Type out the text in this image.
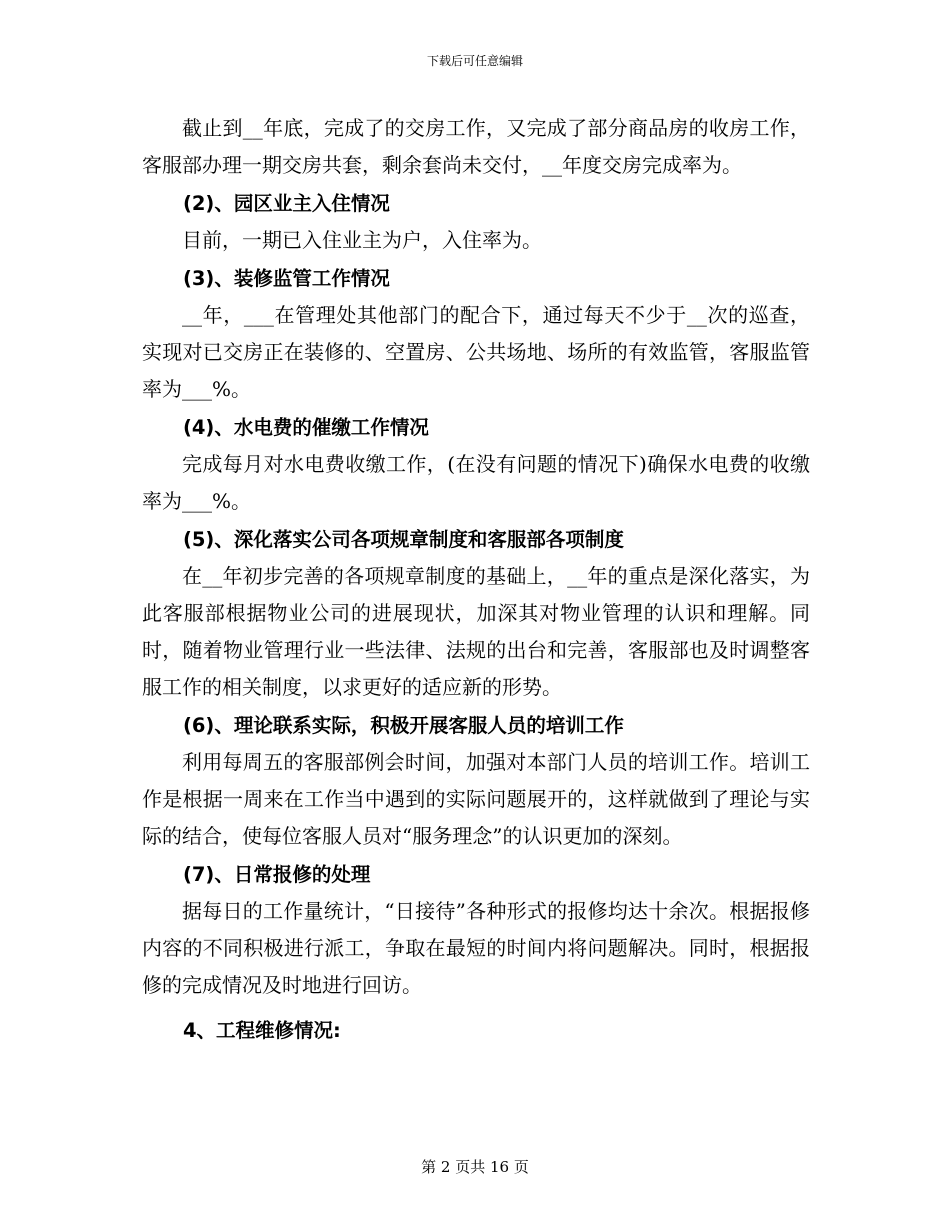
下载后可任意编辑

截止到__年底，完成了的交房工作，又完成了部分商品房的收房工作，客服部办理一期交房共套，剩余套尚未交付，__年度交房完成率为。

(2)、园区业主入住情况

目前，一期已入住业主为户，入住率为。

(3)、装修监管工作情况

__年，___在管理处其他部门的配合下，通过每天不少于__次的巡查，实现对已交房正在装修的、空置房、公共场地、场所的有效监管，客服监管率为___%。

(4)、水电费的催缴工作情况

完成每月对水电费收缴工作，(在没有问题的情况下)确保水电费的收缴率为___%。

(5)、深化落实公司各项规章制度和客服部各项制度

在__年初步完善的各项规章制度的基础上，__年的重点是深化落实，为此客服部根据物业公司的进展现状，加深其对物业管理的认识和理解。同时，随着物业管理行业一些法律、法规的出台和完善，客服部也及时调整客服工作的相关制度，以求更好的适应新的形势。

(6)、理论联系实际，积极开展客服人员的培训工作

利用每周五的客服部例会时间，加强对本部门人员的培训工作。培训工作是根据一周来在工作当中遇到的实际问题展开的，这样就做到了理论与实际的结合，使每位客服人员对“服务理念”的认识更加的深刻。

(7)、日常报修的处理

据每日的工作量统计，“日接待”各种形式的报修均达十余次。根据报修内容的不同积极进行派工，争取在最短的时间内将问题解决。同时，根据报修的完成情况及时地进行回访。

4、工程维修情况:

第 2 页共 16 页
